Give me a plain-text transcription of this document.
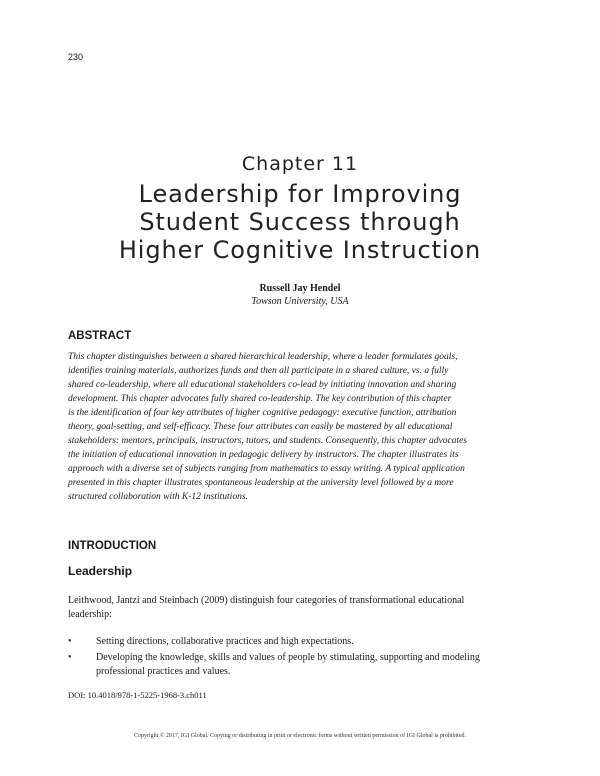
230
Chapter 11
Leadership for Improving
Student Success through
Higher Cognitive Instruction
Russell Jay Hendel
Towson University, USA
ABSTRACT

This chapter distinguishes between a shared hierarchical leadership, where a leader formulates goals,
identifies training materials, authorizes funds and then all participate in a shared culture, vs. a fully
shared co-leadership, where all educational stakeholders co-lead by initiating innovation and sharing
development. This chapter advocates fully shared co-leadership. The key contribution of this chapter
is the identification of four key attributes of higher cognitive pedagogy: executive function, attribution
theory, goal-setting, and self-efficacy. These four attributes can easily be mastered by all educational
stakeholders: mentors, principals, instructors, tutors, and students. Consequently, this chapter advocates
the initiation of educational innovation in pedagogic delivery by instructors. The chapter illustrates its
approach with a diverse set of subjects ranging from mathematics to essay writing. A typical application
presented in this chapter illustrates spontaneous leadership at the university level followed by a more
structured collaboration with K-12 institutions.

INTRODUCTION
Leadership

Leithwood, Jantzi and Steinbach (2009) distinguish four categories of transformational educational
leadership:

• Setting directions, collaborative practices and high expectations.
• Developing the knowledge, skills and values of people by stimulating, supporting and modeling
professional practices and values.
DOI: 10.4018/978-1-5225-1968-3.ch011
Copyright © 2017, IGI Global. Copying or distributing in print or electronic forms without written permission of IGI Global is prohibited.
